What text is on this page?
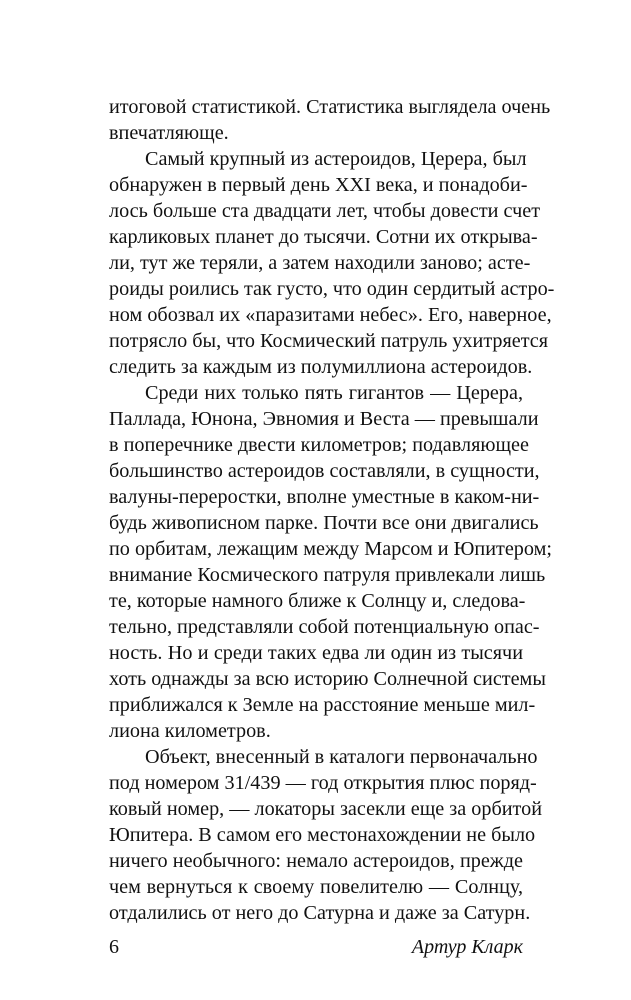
итоговой статистикой. Статистика выглядела очень
впечатляюще.
Самый крупный из астероидов, Церера, был
обнаружен в первый день XXI века, и понадоби-
лось больше ста двадцати лет, чтобы довести счет
карликовых планет до тысячи. Сотни их открыва-
ли, тут же теряли, а затем находили заново; асте-
роиды роились так густо, что один сердитый астро-
ном обозвал их «паразитами небес». Его, наверное,
потрясло бы, что Космический патруль ухитряется
следить за каждым из полумиллиона астероидов.
Среди них только пять гигантов — Церера,
Паллада, Юнона, Эвномия и Веста — превышали
в поперечнике двести километров; подавляющее
большинство астероидов составляли, в сущности,
валуны-переростки, вполне уместные в каком-ни-
будь живописном парке. Почти все они двигались
по орбитам, лежащим между Марсом и Юпитером;
внимание Космического патруля привлекали лишь
те, которые намного ближе к Солнцу и, следова-
тельно, представляли собой потенциальную опас-
ность. Но и среди таких едва ли один из тысячи
хоть однажды за всю историю Солнечной системы
приближался к Земле на расстояние меньше мил-
лиона километров.
Объект, внесенный в каталоги первоначально
под номером 31/439 — год открытия плюс поряд-
ковый номер, — локаторы засекли еще за орбитой
Юпитера. В самом его местонахождении не было
ничего необычного: немало астероидов, прежде
чем вернуться к своему повелителю — Солнцу,
отдалились от него до Сатурна и даже за Сатурн.
6	Артур Кларк
